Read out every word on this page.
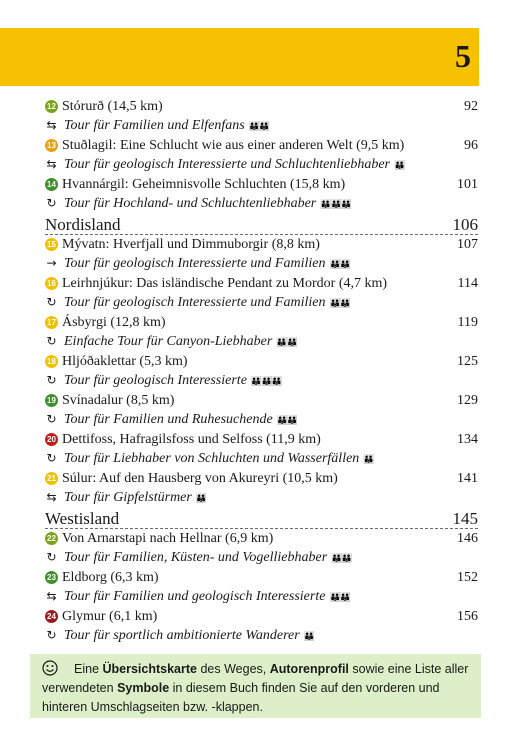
5
12 Stórurð (14,5 km)	92
⇆ Tour für Familien und Elfenfans 👪👪
13 Stuðlagil: Eine Schlucht wie aus einer anderen Welt (9,5 km)	96
⇆ Tour für geologisch Interessierte und Schluchtenliebhaber 👪
14 Hvannárgil: Geheimnisvolle Schluchten (15,8 km)	101
↻ Tour für Hochland- und Schluchtenliebhaber 👪👪👪
Nordisland	106
15 Mývatn: Hverfjall und Dimmuborgir (8,8 km)	107
→ Tour für geologisch Interessierte und Familien 👪👪
16 Leirhnjúkur: Das isländische Pendant zu Mordor (4,7 km)	114
↻ Tour für geologisch Interessierte und Familien 👪👪
17 Ásbyrgi (12,8 km)	119
↻ Einfache Tour für Canyon-Liebhaber 👪👪
18 Hljóðaklettar (5,3 km)	125
↻ Tour für geologisch Interessierte 👪👪👪
19 Svínadalur (8,5 km)	129
↻ Tour für Familien und Ruhesuchende 👪👪
20 Dettifoss, Hafragilsfoss und Selfoss (11,9 km)	134
↻ Tour für Liebhaber von Schluchten und Wasserfällen 👪
21 Súlur: Auf den Hausberg von Akureyri (10,5 km)	141
⇆ Tour für Gipfelstürmer 👪
Westisland	145
22 Von Arnarstapi nach Hellnar (6,9 km)	146
↻ Tour für Familien, Küsten- und Vogelliebhaber 👪👪
23 Eldborg (6,3 km)	152
⇆ Tour für Familien und geologisch Interessierte 👪👪
24 Glymur (6,1 km)	156
↻ Tour für sportlich ambitionierte Wanderer 👪
Eine Übersichtskarte des Weges, Autorenprofil sowie eine Liste aller verwendeten Symbole in diesem Buch finden Sie auf den vorderen und hinteren Umschlagseiten bzw. -klappen.
